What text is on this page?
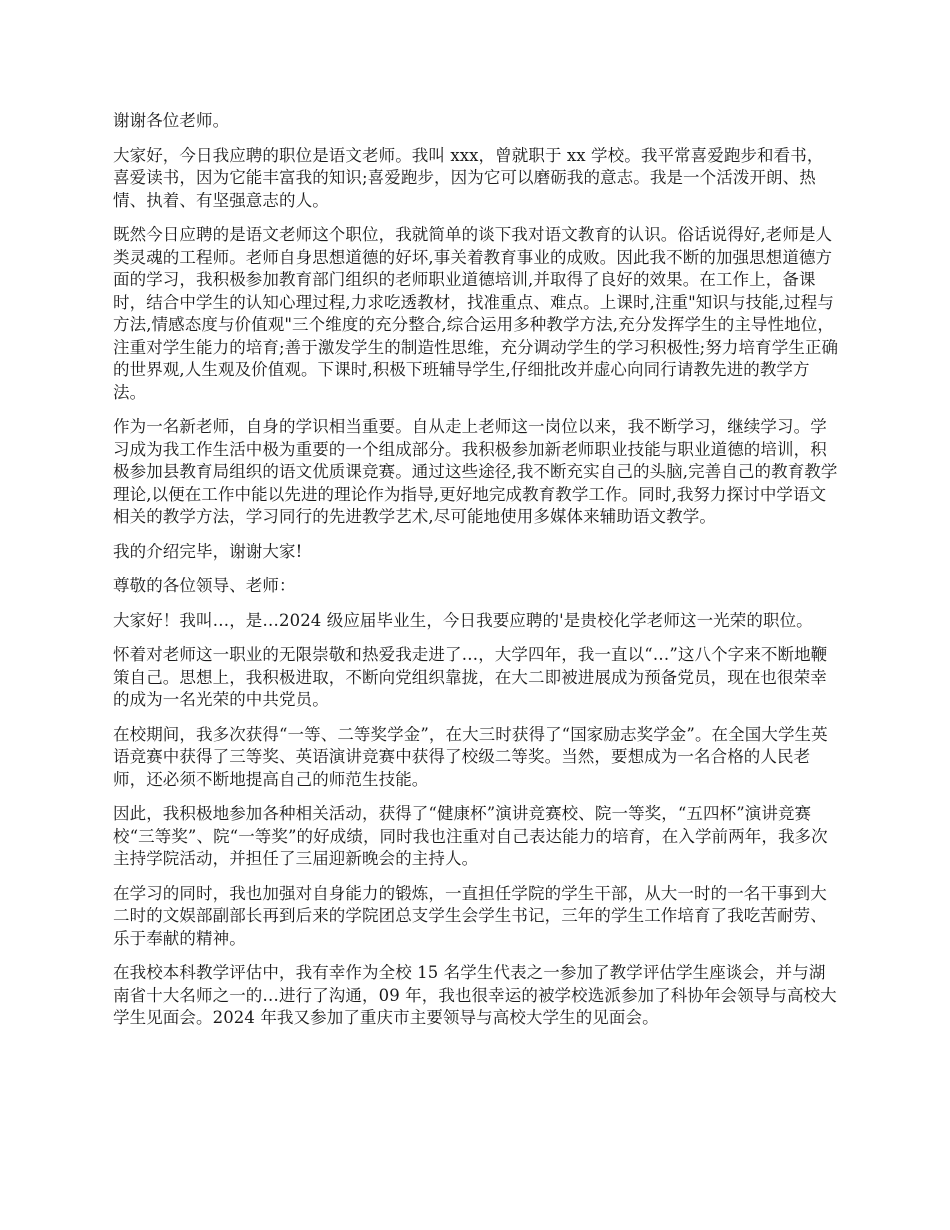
谢谢各位老师。

大家好，今日我应聘的职位是语文老师。我叫 xxx，曾就职于 xx 学校。我平常喜爱跑步和看书，喜爱读书，因为它能丰富我的知识;喜爱跑步，因为它可以磨砺我的意志。我是一个活泼开朗、热情、执着、有坚强意志的人。

既然今日应聘的是语文老师这个职位，我就简单的谈下我对语文教育的认识。俗话说得好,老师是人类灵魂的工程师。老师自身思想道德的好坏,事关着教育事业的成败。因此我不断的加强思想道德方面的学习，我积极参加教育部门组织的老师职业道德培训,并取得了良好的效果。在工作上，备课时，结合中学生的认知心理过程,力求吃透教材，找准重点、难点。上课时,注重"知识与技能,过程与方法,情感态度与价值观"三个维度的充分整合,综合运用多种教学方法,充分发挥学生的主导性地位，注重对学生能力的培育;善于激发学生的制造性思维，充分调动学生的学习积极性;努力培育学生正确的世界观,人生观及价值观。下课时,积极下班辅导学生,仔细批改并虚心向同行请教先进的教学方法。

作为一名新老师，自身的学识相当重要。自从走上老师这一岗位以来，我不断学习，继续学习。学习成为我工作生活中极为重要的一个组成部分。我积极参加新老师职业技能与职业道德的培训，积极参加县教育局组织的语文优质课竞赛。通过这些途径,我不断充实自己的头脑,完善自己的教育教学理论,以便在工作中能以先进的理论作为指导,更好地完成教育教学工作。同时,我努力探讨中学语文相关的教学方法，学习同行的先进教学艺术,尽可能地使用多媒体来辅助语文教学。

我的介绍完毕，谢谢大家!

尊敬的各位领导、老师：

大家好！我叫…，是…2024 级应届毕业生，今日我要应聘的'是贵校化学老师这一光荣的职位。

怀着对老师这一职业的无限崇敬和热爱我走进了…，大学四年，我一直以“…”这八个字来不断地鞭策自己。思想上，我积极进取，不断向党组织靠拢，在大二即被进展成为预备党员，现在也很荣幸的成为一名光荣的中共党员。

在校期间，我多次获得“一等、二等奖学金”，在大三时获得了“国家励志奖学金”。在全国大学生英语竞赛中获得了三等奖、英语演讲竞赛中获得了校级二等奖。当然，要想成为一名合格的人民老师，还必须不断地提高自己的师范生技能。

因此，我积极地参加各种相关活动，获得了“健康杯”演讲竞赛校、院一等奖，“五四杯”演讲竞赛校“三等奖”、院“一等奖”的好成绩，同时我也注重对自己表达能力的培育，在入学前两年，我多次主持学院活动，并担任了三届迎新晚会的主持人。

在学习的同时，我也加强对自身能力的锻炼，一直担任学院的学生干部，从大一时的一名干事到大二时的文娱部副部长再到后来的学院团总支学生会学生书记，三年的学生工作培育了我吃苦耐劳、乐于奉献的精神。

在我校本科教学评估中，我有幸作为全校 15 名学生代表之一参加了教学评估学生座谈会，并与湖南省十大名师之一的…进行了沟通，09 年，我也很幸运的被学校选派参加了科协年会领导与高校大学生见面会。2024 年我又参加了重庆市主要领导与高校大学生的见面会。
